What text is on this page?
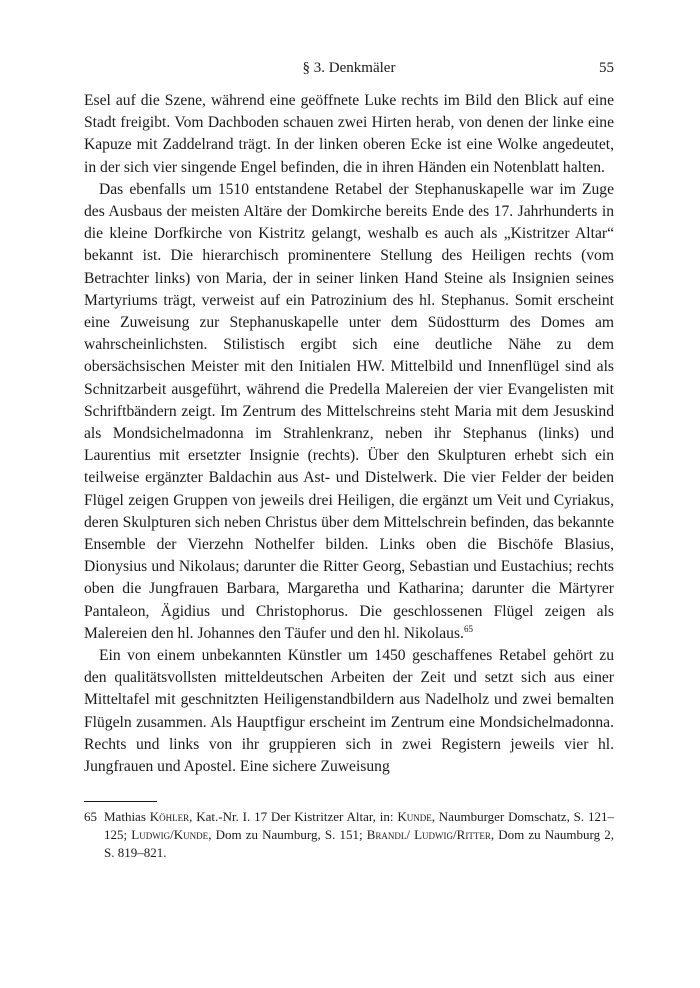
§ 3. Denkmäler	55

Esel auf die Szene, während eine geöffnete Luke rechts im Bild den Blick auf eine Stadt freigibt. Vom Dachboden schauen zwei Hirten herab, von denen der linke eine Kapuze mit Zaddelrand trägt. In der linken oberen Ecke ist eine Wolke angedeutet, in der sich vier singende Engel befinden, die in ihren Händen ein Notenblatt halten.

Das ebenfalls um 1510 entstandene Retabel der Stephanuskapelle war im Zuge des Ausbaus der meisten Altäre der Domkirche bereits Ende des 17. Jahrhunderts in die kleine Dorfkirche von Kistritz gelangt, weshalb es auch als „Kistritzer Altar“ bekannt ist. Die hierarchisch prominentere Stellung des Heiligen rechts (vom Betrachter links) von Maria, der in seiner linken Hand Steine als Insignien seines Martyriums trägt, verweist auf ein Patrozinium des hl. Stephanus. Somit erscheint eine Zuweisung zur Stephanuskapelle unter dem Südostturm des Domes am wahrscheinlichsten. Stilistisch ergibt sich eine deutliche Nähe zu dem obersächsischen Meister mit den Initialen HW. Mittelbild und Innenflügel sind als Schnitzarbeit ausgeführt, während die Predella Malereien der vier Evangelisten mit Schriftbändern zeigt. Im Zentrum des Mittelschreins steht Maria mit dem Jesuskind als Mondsichelmadonna im Strahlenkranz, neben ihr Stephanus (links) und Laurentius mit ersetzter Insignie (rechts). Über den Skulpturen erhebt sich ein teilweise ergänzter Baldachin aus Ast- und Distelwerk. Die vier Felder der beiden Flügel zeigen Gruppen von jeweils drei Heiligen, die ergänzt um Veit und Cyriakus, deren Skulpturen sich neben Christus über dem Mittelschrein befinden, das bekannte Ensemble der Vierzehn Nothelfer bilden. Links oben die Bischöfe Blasius, Dionysius und Nikolaus; darunter die Ritter Georg, Sebastian und Eustachius; rechts oben die Jungfrauen Barbara, Margaretha und Katharina; darunter die Märtyrer Pantaleon, Ägidius und Christophorus. Die geschlossenen Flügel zeigen als Malereien den hl. Johannes den Täufer und den hl. Nikolaus.$^{65}$

Ein von einem unbekannten Künstler um 1450 geschaffenes Retabel gehört zu den qualitätsvollsten mitteldeutschen Arbeiten der Zeit und setzt sich aus einer Mitteltafel mit geschnitzten Heiligenstandbildern aus Nadelholz und zwei bemalten Flügeln zusammen. Als Hauptfigur erscheint im Zentrum eine Mondsichelmadonna. Rechts und links von ihr gruppieren sich in zwei Registern jeweils vier hl. Jungfrauen und Apostel. Eine sichere Zuweisung

65 Mathias Köhler, Kat.-Nr. I. 17 Der Kistritzer Altar, in: Kunde, Naumburger Domschatz, S. 121–125; Ludwig/Kunde, Dom zu Naumburg, S. 151; Brandl/ Ludwig/Ritter, Dom zu Naumburg 2, S. 819–821.
